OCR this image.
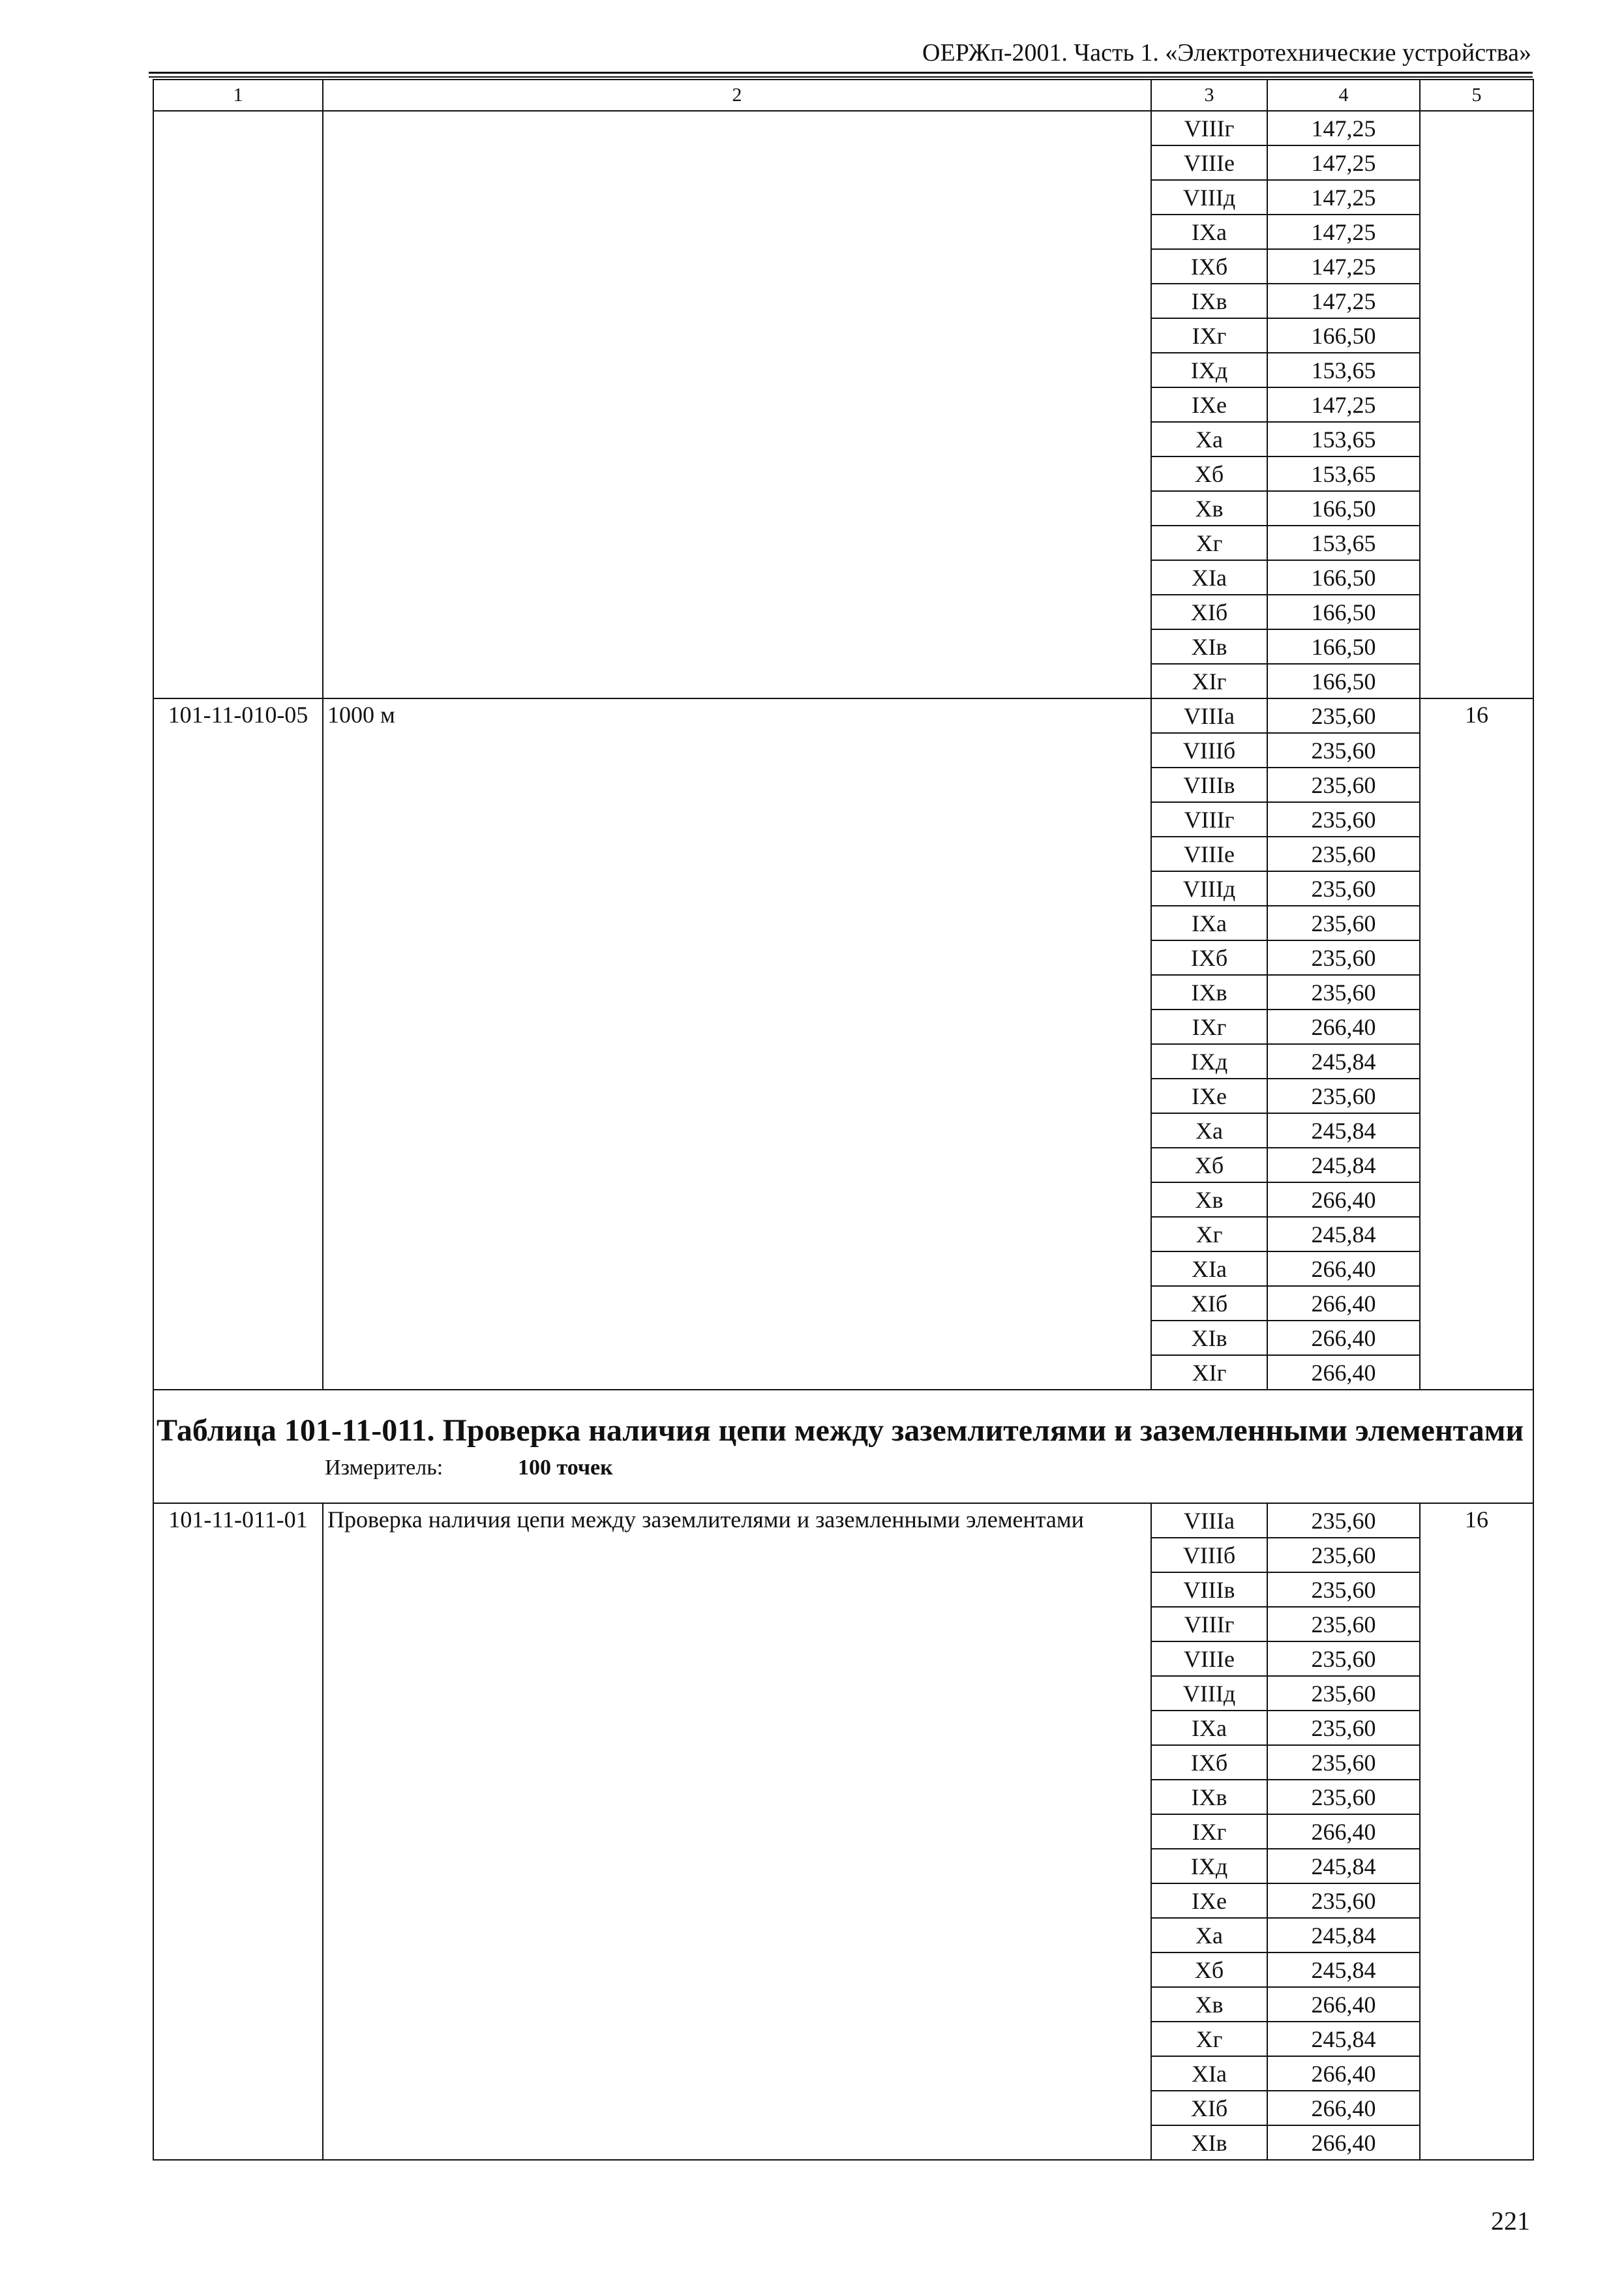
ОЕРЖп-2001. Часть 1. «Электротехнические устройства»
1	2	3	4	5
		VIIIг	147,25	
		VIIIе	147,25	
		VIIIд	147,25	
		IXа	147,25	
		IXб	147,25	
		IXв	147,25	
		IXг	166,50	
		IXд	153,65	
		IXе	147,25	
		Xа	153,65	
		Xб	153,65	
		Xв	166,50	
		Xг	153,65	
		XIа	166,50	
		XIб	166,50	
		XIв	166,50	
		XIг	166,50	
101-11-010-05	1000 м	VIIIа	235,60	16
		VIIIб	235,60	
		VIIIв	235,60	
		VIIIг	235,60	
		VIIIе	235,60	
		VIIIд	235,60	
		IXа	235,60	
		IXб	235,60	
		IXв	235,60	
		IXг	266,40	
		IXд	245,84	
		IXе	235,60	
		Xа	245,84	
		Xб	245,84	
		Xв	266,40	
		Xг	245,84	
		XIа	266,40	
		XIб	266,40	
		XIв	266,40	
		XIг	266,40	

Таблица 101-11-011. Проверка наличия цепи между заземлителями и заземленными элементами
Измеритель: 100 точек				

101-11-011-01	Проверка наличия цепи между заземлителями и заземленными элементами	VIIIа	235,60	16
		VIIIб	235,60	
		VIIIв	235,60	
		VIIIг	235,60	
		VIIIе	235,60	
		VIIIд	235,60	
		IXа	235,60	
		IXб	235,60	
		IXв	235,60	
		IXг	266,40	
		IXд	245,84	
		IXе	235,60	
		Xа	245,84	
		Xб	245,84	
		Xв	266,40	
		Xг	245,84	
		XIа	266,40	
		XIб	266,40	
		XIв	266,40	
221
